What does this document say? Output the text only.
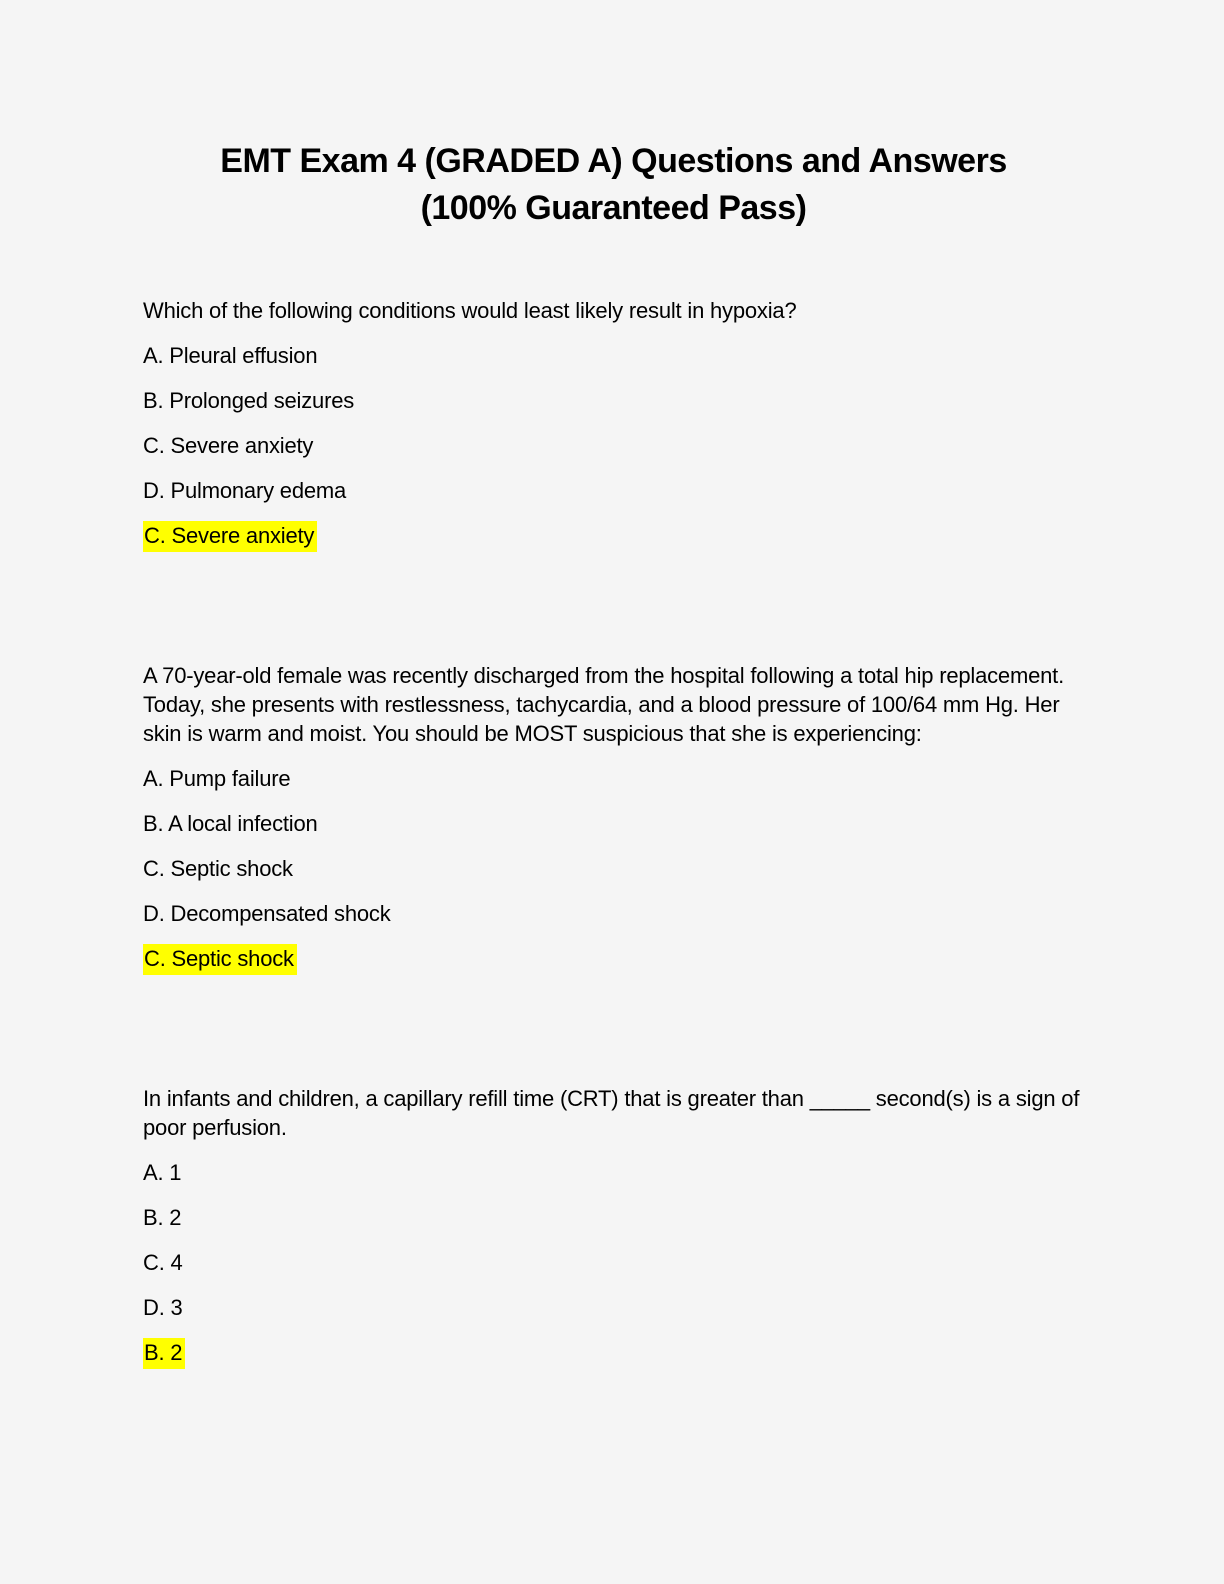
EMT Exam 4 (GRADED A) Questions and Answers
(100% Guaranteed Pass)

Which of the following conditions would least likely result in hypoxia?

A. Pleural effusion

B. Prolonged seizures

C. Severe anxiety

D. Pulmonary edema

C. Severe anxiety

A 70-year-old female was recently discharged from the hospital following a total hip replacement. Today, she presents with restlessness, tachycardia, and a blood pressure of 100/64 mm Hg. Her skin is warm and moist. You should be MOST suspicious that she is experiencing:

A. Pump failure

B. A local infection

C. Septic shock

D. Decompensated shock

C. Septic shock

In infants and children, a capillary refill time (CRT) that is greater than _____ second(s) is a sign of poor perfusion.

A. 1

B. 2

C. 4

D. 3

B. 2
